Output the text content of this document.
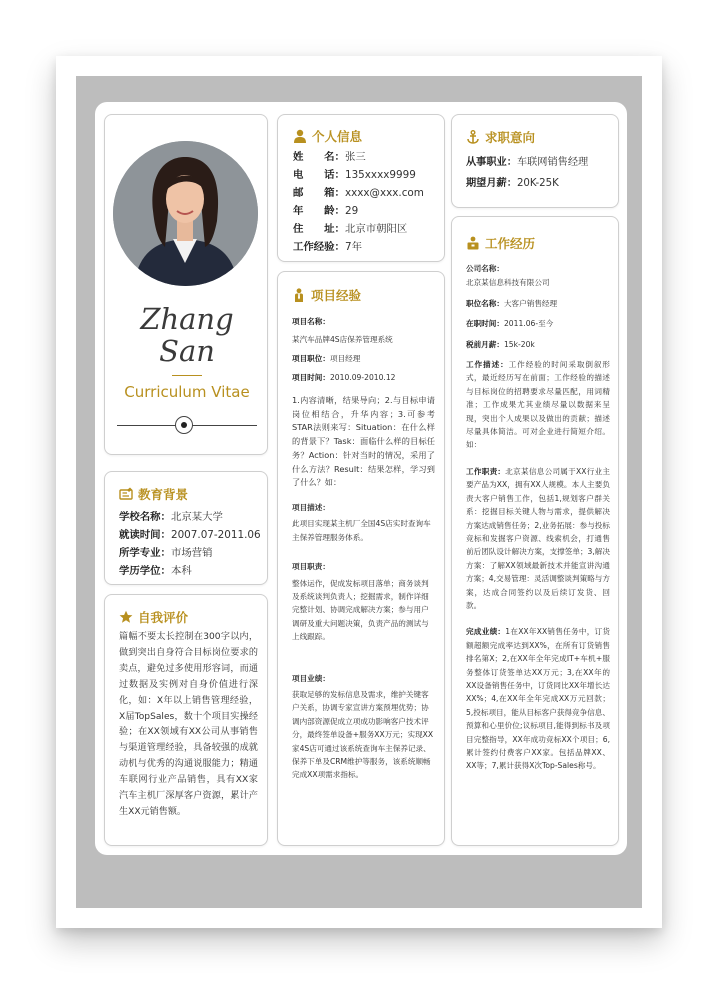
Zhang
San
Curriculum Vitae
个人信息
姓　　名：张三
电　　话：135xxxx9999
邮　　箱：xxxx@xxx.com
年　　龄：29
住　　址：北京市朝阳区
工作经验：7年
求职意向
从事职业：车联网销售经理
期望月薪：20K-25K
教育背景
学校名称：北京某大学
就读时间：2007.07-2011.06
所学专业：市场营销
学历学位：本科
自我评价
篇幅不要太长控制在300字以内，做到突出自身符合目标岗位要求的卖点，避免过多使用形容词，而通过数据及实例对自身价值进行深化，如：X年以上销售管理经验，X届TopSales，数十个项目实操经验；在XX领域有XX公司从事销售与渠道管理经验，具备较强的成就动机与优秀的沟通说服能力；精通车联网行业产品销售，具有XX家汽车主机厂深厚客户资源，累计产生XX元销售额。
项目经验
项目名称：
某汽车品牌4S店保养管理系统
项目职位：项目经理
项目时间：2010.09-2010.12
1.内容清晰，结果导向；2.与目标申请岗位相结合，升华内容；3.可参考STAR法则来写：Situation：在什么样的背景下？Task：面临什么样的目标任务？Action：针对当时的情况，采用了什么方法？Result：结果怎样，学习到了什么？如：
项目描述：
此项目实现某主机厂全国4S店实时查询车主保养管理服务体系。
项目职责：
整体运作，促成发标项目落单；商务谈判及系统谈判负责人；挖掘需求，制作详细完整计划、协调完成解决方案；参与用户调研及重大问题决策，负责产品的测试与上线跟踪。
项目业绩：
获取足够的发标信息及需求，维护关键客户关系，协调专家宣讲方案预埋优势；协调内部资源促成立项成功影响客户技术评分，最终签单设备+服务XX万元；实现XX家4S店可通过该系统查询车主保养记录、保养下单及CRM维护等服务，该系统顺畅完成XX项需求指标。
工作经历
公司名称：
北京某信息科技有限公司
职位名称：大客户销售经理
在职时间：2011.06-至今
税前月薪：15k-20k
工作描述：工作经验的时间采取倒叙形式，最近经历写在前面；工作经验的描述与目标岗位的招聘要求尽量匹配，用词精准；工作成果尤其业绩尽量以数据来呈现，突出个人成果以及做出的贡献；描述尽量具体简洁。可对企业进行简短介绍。如：
工作职责：北京某信息公司属于XX行业主要产品为XX，拥有XX人规模。本人主要负责大客户销售工作，包括1,规划客户群关系：挖掘目标关键人物与需求，提供解决方案达成销售任务；2,业务拓展：参与投标竞标和发掘客户资源、线索机会，打通售前后团队设计解决方案，支撑签单；3,解决方案：了解XX领域最新技术并能宣讲沟通方案；4,交易管理：灵活调整谈判策略与方案，达成合同签约以及后续订发货、回款。
完成业绩：1在XX年XX销售任务中，订货额超额完成率达到XX%，在所有订货销售排名第X；2,在XX年全年完成IT+车机+服务整体订货签单达XX万元；3,在XX年的XX设备销售任务中，订货同比XX年增长达XX%；4,在XX年全年完成XX万元回款；5,投标项目，能从目标客户获得竞争信息、预算和心里价位;议标项目,能得到标书及项目完整指导，XX年成功竞标XX个项目；6,累计签约付费客户XX家。包括品牌XX、XX等；7,累计获得X次Top-Sales称号。
